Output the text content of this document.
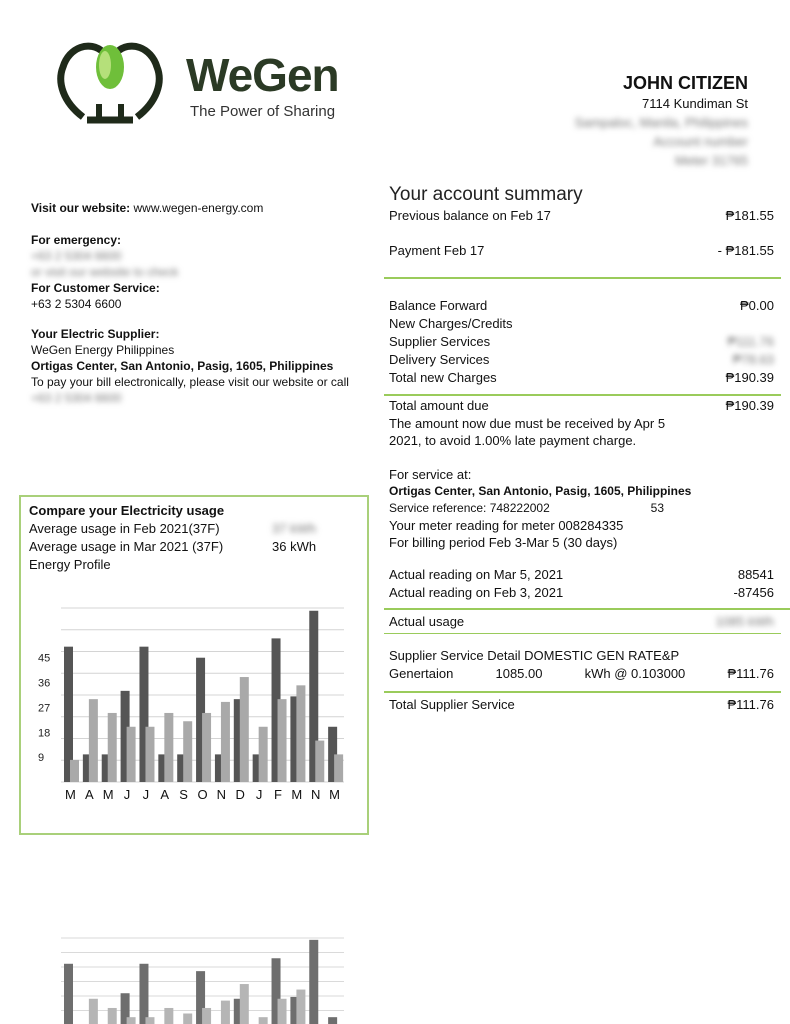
WeGen
The Power of Sharing
JOHN CITIZEN
7114 Kundiman St
Sampaloc, Manila, Philippines
Account number
Meter 31765
Visit our website: www.wegen-energy.com
For emergency:
+63 2 5304 6600
or visit our website to check
For Customer Service:
+63 2 5304 6600
Your Electric Supplier:
WeGen Energy Philippines
Ortigas Center, San Antonio, Pasig, 1605, Philippines
To pay your bill electronically, please visit our website or call
+63 2 5304 6600
Your account summary
Previous balance on Feb 17	₱181.55
Payment Feb 17	- ₱181.55
Balance Forward	₱0.00
New Charges/Credits
Supplier Services	₱111.76
Delivery Services	₱78.63
Total new Charges	₱190.39
Total amount due	₱190.39
The amount now due must be received by Apr 5
2021, to avoid 1.00% late payment charge.
For service at:
Ortigas Center, San Antonio, Pasig, 1605, Philippines
Service reference: 748222002	53
Your meter reading for meter 008284335
For billing period Feb 3-Mar 5 (30 days)
Actual reading on Mar 5, 2021	88541
Actual reading on Feb 3, 2021	-87456
Actual usage	1085 kWh
Supplier Service Detail DOMESTIC GEN RATE&P
Genertaion	1085.00	kWh @ 0.103000	₱111.76
Total Supplier Service	₱111.76
Compare your Electricity usage
Average usage in Feb 2021(37F)	37 kWh
Average usage in Mar 2021 (37F)	36 kWh
Energy Profile
M A M J J A S O N D J F M N M
9
18
27
36
45
